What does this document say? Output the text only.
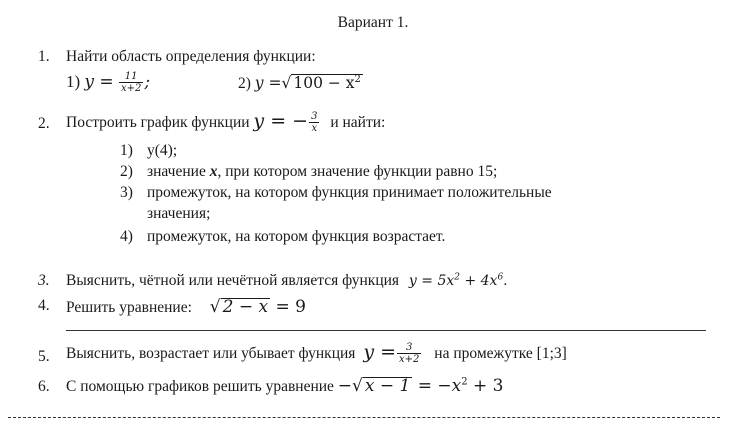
Вариант 1.
1. Найти область определения функции:
1) $y = \frac{11}{x+2}$ ;	2) y =√ $100 - x^2$
2. Построить график функции y = − $\frac{3}{x}$ и найти:
1) y(4);
2) значение x, при котором значение функции равно 15;
3) промежуток, на котором функция принимает положительные
значения;
4) промежуток, на котором функция возрастает.
3. Выяснить, чётной или нечётной является функция $y = 5x^2 + 4x^6$.
4. Решить уравнение: √ 2 − x = 9
5. Выяснить, возрастает или убывает функция $y = \frac{3}{x+2}$ на промежутке [1;3]
6. С помощью графиков решить уравнение −√ $x - 1 = -x^2 + 3$
